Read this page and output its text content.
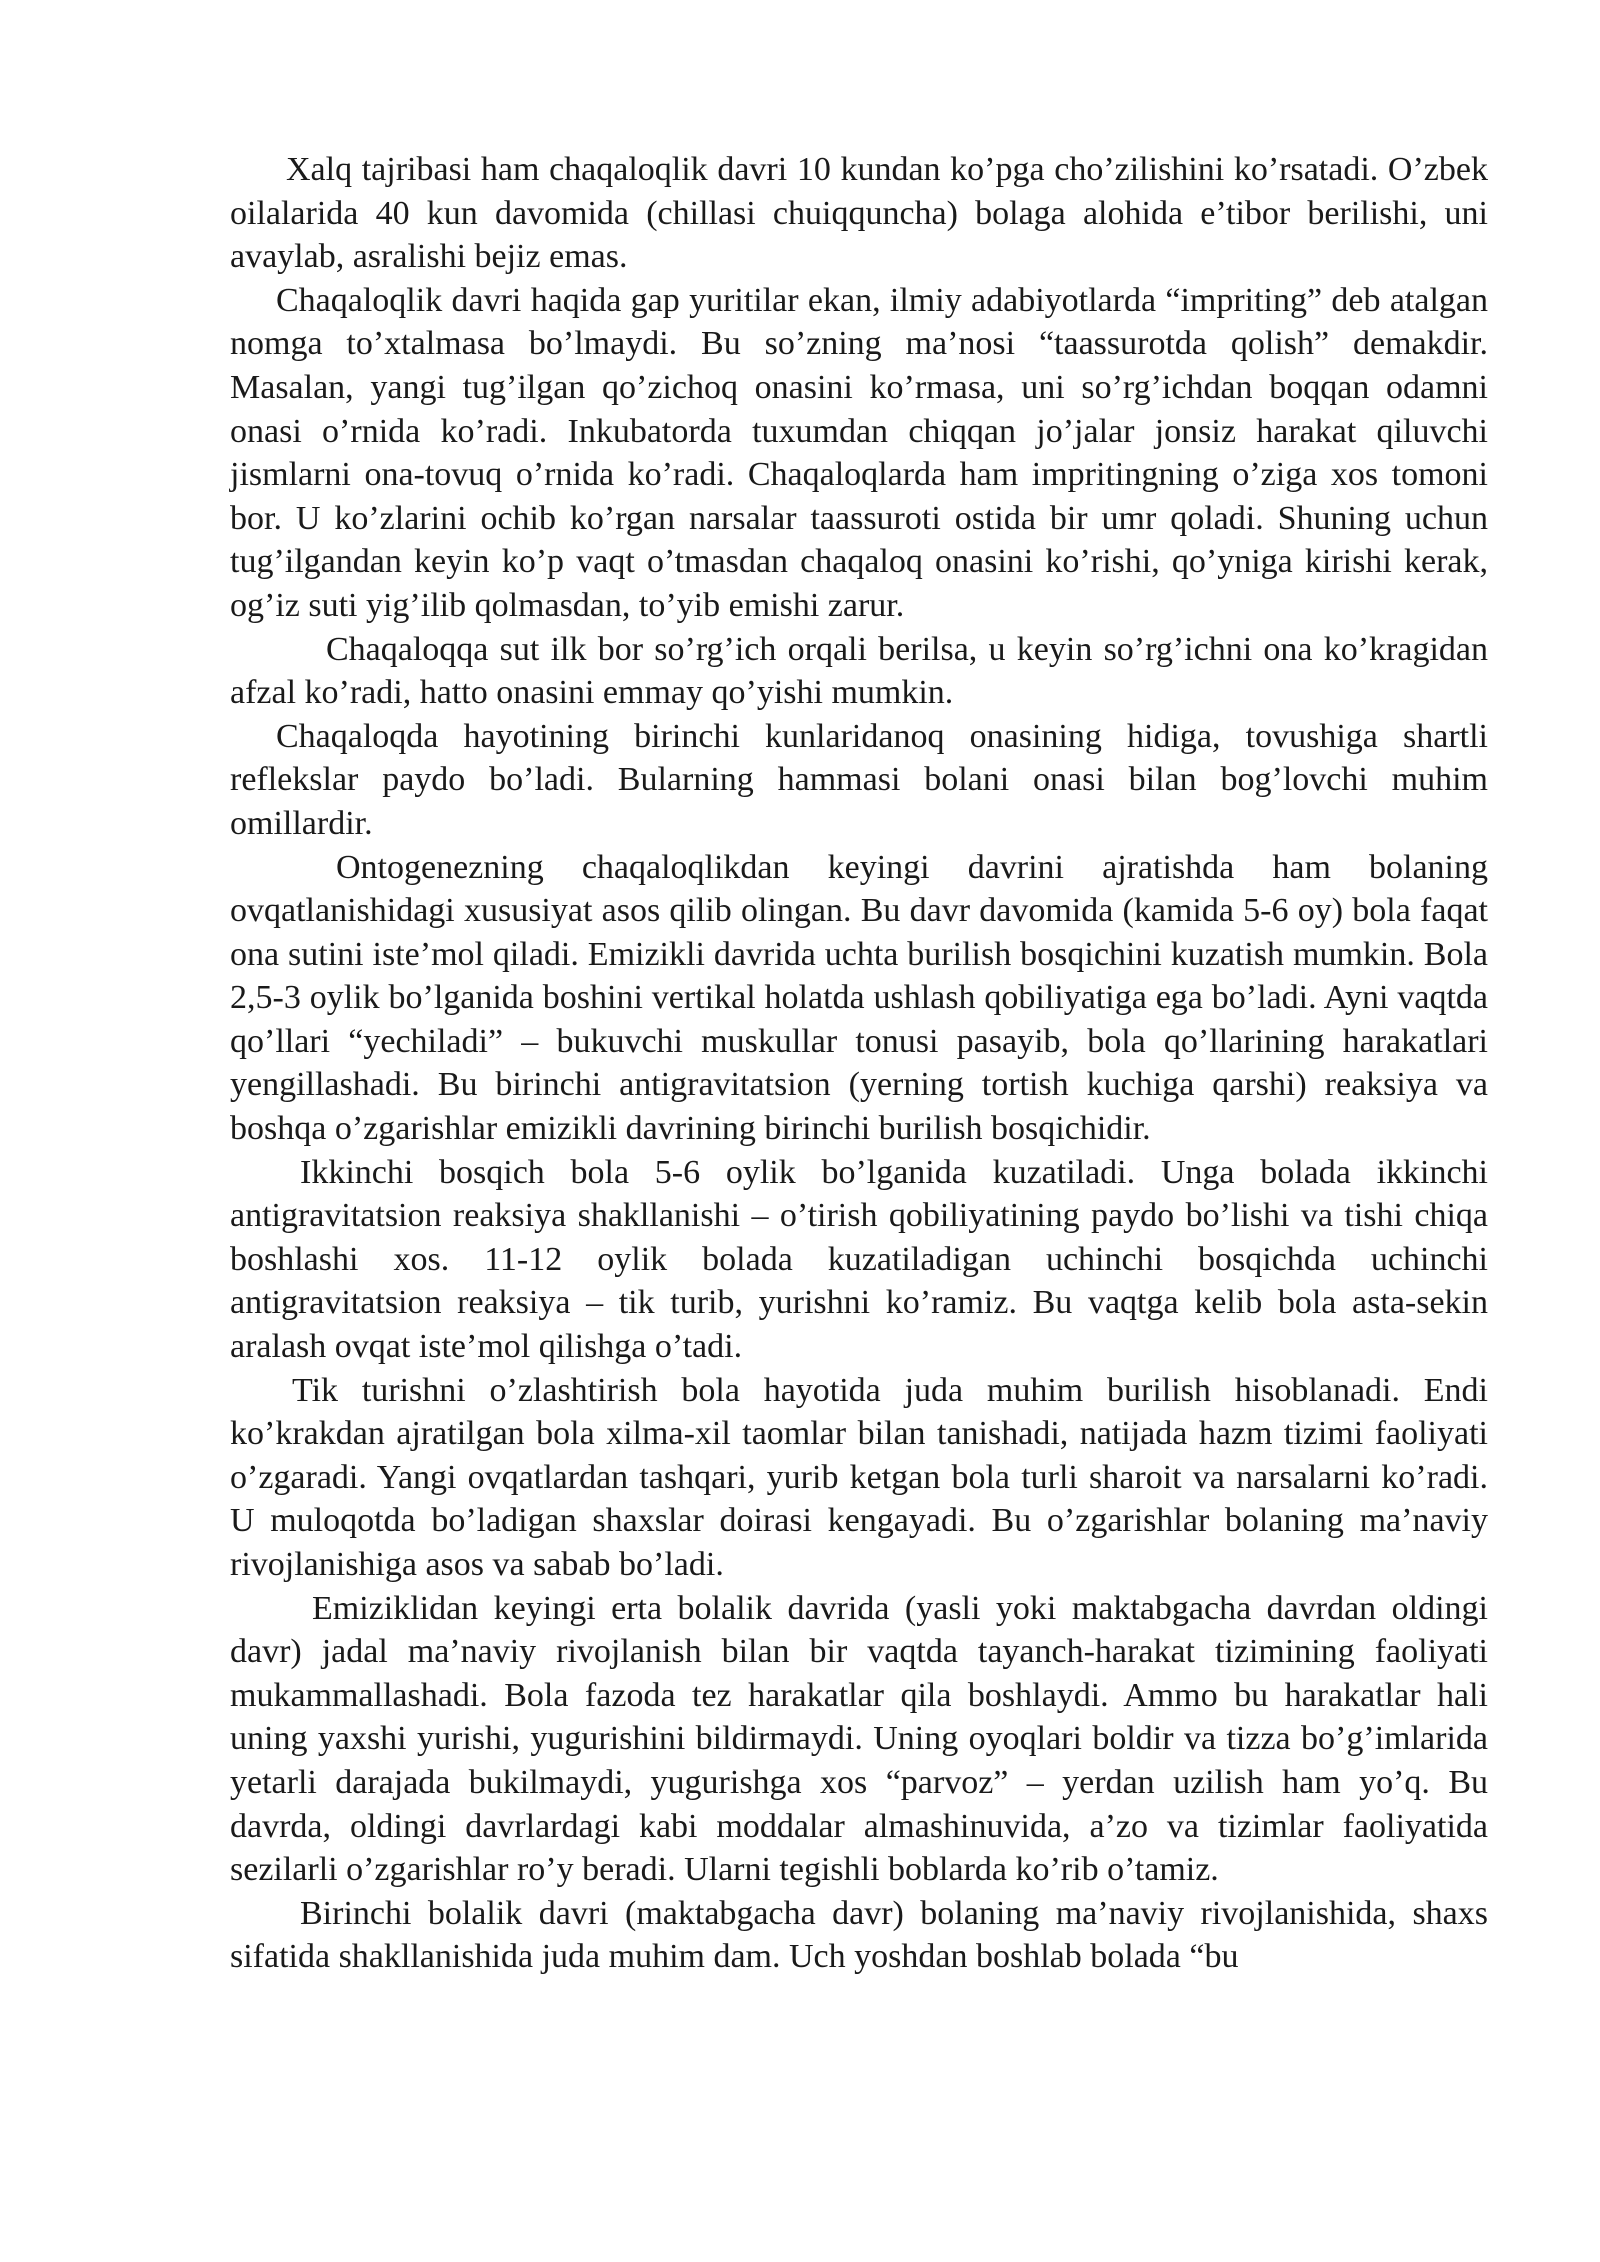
Xalq tajribasi ham chaqaloqlik davri 10 kundan ko’pga cho’zilishini ko’rsatadi. O’zbek oilalarida 40 kun davomida (chillasi chuiqquncha) bolaga alohida e’tibor berilishi, uni avaylab, asralishi bejiz emas.

Chaqaloqlik davri haqida gap yuritilar ekan, ilmiy adabiyotlarda “impriting” deb atalgan nomga to’xtalmasa bo’lmaydi. Bu so’zning ma’nosi “taassurotda qolish” demakdir. Masalan, yangi tug’ilgan qo’zichoq onasini ko’rmasa, uni so’rg’ichdan boqqan odamni onasi o’rnida ko’radi. Inkubatorda tuxumdan chiqqan jo’jalar jonsiz harakat qiluvchi jismlarni ona-tovuq o’rnida ko’radi. Chaqaloqlarda ham impritingning o’ziga xos tomoni bor. U ko’zlarini ochib ko’rgan narsalar taassuroti ostida bir umr qoladi. Shuning uchun tug’ilgandan keyin ko’p vaqt o’tmasdan chaqaloq onasini ko’rishi, qo’yniga kirishi kerak, og’iz suti yig’ilib qolmasdan, to’yib emishi zarur.

Chaqaloqqa sut ilk bor so’rg’ich orqali berilsa, u keyin so’rg’ichni ona ko’kragidan afzal ko’radi, hatto onasini emmay qo’yishi mumkin.

Chaqaloqda hayotining birinchi kunlaridanoq onasining hidiga, tovushiga shartli reflekslar paydo bo’ladi. Bularning hammasi bolani onasi bilan bog’lovchi muhim omillardir.

Ontogenezning chaqaloqlikdan keyingi davrini ajratishda ham bolaning ovqatlanishidagi xususiyat asos qilib olingan. Bu davr davomida (kamida 5-6 oy) bola faqat ona sutini iste’mol qiladi. Emizikli davrida uchta burilish bosqichini kuzatish mumkin. Bola 2,5-3 oylik bo’lganida boshini vertikal holatda ushlash qobiliyatiga ega bo’ladi. Ayni vaqtda qo’llari “yechiladi” – bukuvchi muskullar tonusi pasayib, bola qo’llarining harakatlari yengillashadi. Bu birinchi antigravitatsion (yerning tortish kuchiga qarshi) reaksiya va boshqa o’zgarishlar emizikli davrining birinchi burilish bosqichidir.

Ikkinchi bosqich bola 5-6 oylik bo’lganida kuzatiladi. Unga bolada ikkinchi antigravitatsion reaksiya shakllanishi – o’tirish qobiliyatining paydo bo’lishi va tishi chiqa boshlashi xos. 11-12 oylik bolada kuzatiladigan uchinchi bosqichda uchinchi antigravitatsion reaksiya – tik turib, yurishni ko’ramiz. Bu vaqtga kelib bola asta-sekin aralash ovqat iste’mol qilishga o’tadi.

Tik turishni o’zlashtirish bola hayotida juda muhim burilish hisoblanadi. Endi ko’krakdan ajratilgan bola xilma-xil taomlar bilan tanishadi, natijada hazm tizimi faoliyati o’zgaradi. Yangi ovqatlardan tashqari, yurib ketgan bola turli sharoit va narsalarni ko’radi. U muloqotda bo’ladigan shaxslar doirasi kengayadi. Bu o’zgarishlar bolaning ma’naviy rivojlanishiga asos va sabab bo’ladi.

Emiziklidan keyingi erta bolalik davrida (yasli yoki maktabgacha davrdan oldingi davr) jadal ma’naviy rivojlanish bilan bir vaqtda tayanch-harakat tizimining faoliyati mukammallashadi. Bola fazoda tez harakatlar qila boshlaydi. Ammo bu harakatlar hali uning yaxshi yurishi, yugurishini bildirmaydi. Uning oyoqlari boldir va tizza bo’g’imlarida yetarli darajada bukilmaydi, yugurishga xos “parvoz” – yerdan uzilish ham yo’q. Bu davrda, oldingi davrlardagi kabi moddalar almashinuvida, a’zo va tizimlar faoliyatida sezilarli o’zgarishlar ro’y beradi. Ularni tegishli boblarda ko’rib o’tamiz.

Birinchi bolalik davri (maktabgacha davr) bolaning ma’naviy rivojlanishida, shaxs sifatida shakllanishida juda muhim dam. Uch yoshdan boshlab bolada “bu
